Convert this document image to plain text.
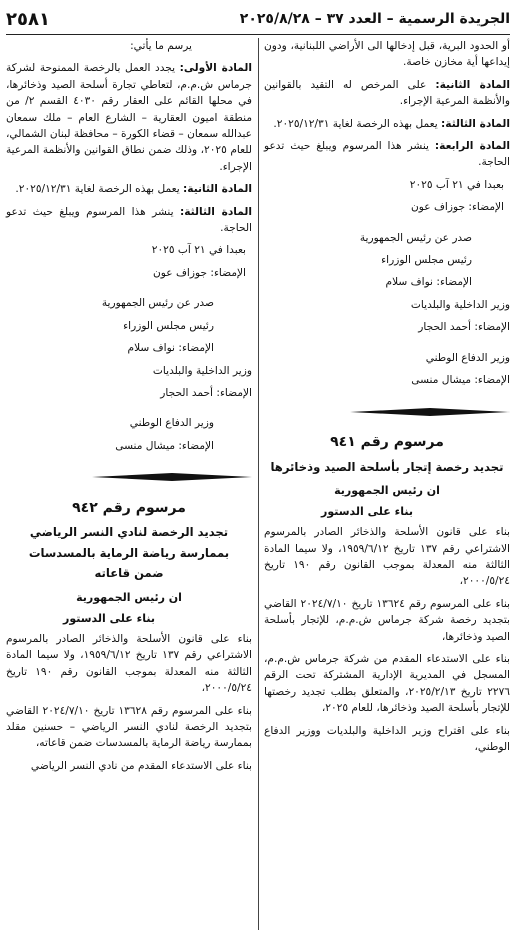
الجريدة الرسمية – العدد ٣٧ – ٢٠٢٥/٨/٢٨
٢٥٨١

أو الحدود البرية، قبل إدخالها الى الأراضي اللبنانية، ودون إيداعها أية مخازن خاصة.

المادة الثانية: على المرخص له التقيد بالقوانين والأنظمة المرعية الإجراء.

المادة الثالثة: يعمل بهذه الرخصة لغاية ٢٠٢٥/١٢/٣١.

المادة الرابعة: ينشر هذا المرسوم ويبلغ حيث تدعو الحاجة.

بعبدا في ٢١ آب ٢٠٢٥
الإمضاء: جوزاف عون
صدر عن رئيس الجمهورية
رئيس مجلس الوزراء
الإمضاء: نواف سلام
وزير الداخلية والبلديات
الإمضاء: أحمد الحجار
وزير الدفاع الوطني
الإمضاء: ميشال منسى
مرسوم رقم ٩٤١
تجديد رخصة إتجار بأسلحة الصيد وذخائرها
ان رئيس الجمهورية
بناء على الدستور

بناء على قانون الأسلحة والذخائر الصادر بالمرسوم الاشتراعي رقم ١٣٧ تاريخ ١٩٥٩/٦/١٢، ولا سيما المادة الثالثة منه المعدلة بموجب القانون رقم ١٩٠ تاريخ ٢٠٠٠/٥/٢٤،

بناء على المرسوم رقم ١٣٦٢٤ تاريخ ٢٠٢٤/٧/١٠ القاضي بتجديد رخصة شركة جرماس ش.م.م، للإتجار بأسلحة الصيد وذخائرها،

بناء على الاستدعاء المقدم من شركة جرماس ش.م.م، المسجل في المديرية الإدارية المشتركة تحت الرقم ٢٢٧٦ تاريخ ٢٠٢٥/٢/١٣، والمتعلق بطلب تجديد رخصتها للإتجار بأسلحة الصيد وذخائرها، للعام ٢٠٢٥،

بناء على اقتراح وزير الداخلية والبلديات ووزير الدفاع الوطني،

يرسم ما يأتي:

المادة الأولى: يجدد العمل بالرخصة الممنوحة لشركة جرماس ش.م.م، لتعاطي تجارة أسلحة الصيد وذخائرها، في محلها القائم على العقار رقم ٤٠٣٠ القسم ٢/ من منطقة اميون العقارية – الشارع العام – ملك سمعان عبدالله سمعان – قضاء الكورة – محافظة لبنان الشمالي، للعام ٢٠٢٥، وذلك ضمن نطاق القوانين والأنظمة المرعية الإجراء.

المادة الثانية: يعمل بهذه الرخصة لغاية ٢٠٢٥/١٢/٣١.

المادة الثالثة: ينشر هذا المرسوم ويبلغ حيث تدعو الحاجة.

بعبدا في ٢١ آب ٢٠٢٥
الإمضاء: جوزاف عون
صدر عن رئيس الجمهورية
رئيس مجلس الوزراء
الإمضاء: نواف سلام
وزير الداخلية والبلديات
الإمضاء: أحمد الحجار
وزير الدفاع الوطني
الإمضاء: ميشال منسى
مرسوم رقم ٩٤٢
تجديد الرخصة لنادي النسر الرياضي
بممارسة رياضة الرماية بالمسدسات
ضمن قاعاته
ان رئيس الجمهورية
بناء على الدستور

بناء على قانون الأسلحة والذخائر الصادر بالمرسوم الاشتراعي رقم ١٣٧ تاريخ ١٩٥٩/٦/١٢، ولا سيما المادة الثالثة منه المعدلة بموجب القانون رقم ١٩٠ تاريخ ٢٠٠٠/٥/٢٤،

بناء على المرسوم رقم ١٣٦٢٨ تاريخ ٢٠٢٤/٧/١٠ القاضي بتجديد الرخصة لنادي النسر الرياضي – حسنين مقلد بممارسة رياضة الرماية بالمسدسات ضمن قاعاته،

بناء على الاستدعاء المقدم من نادي النسر الرياضي
